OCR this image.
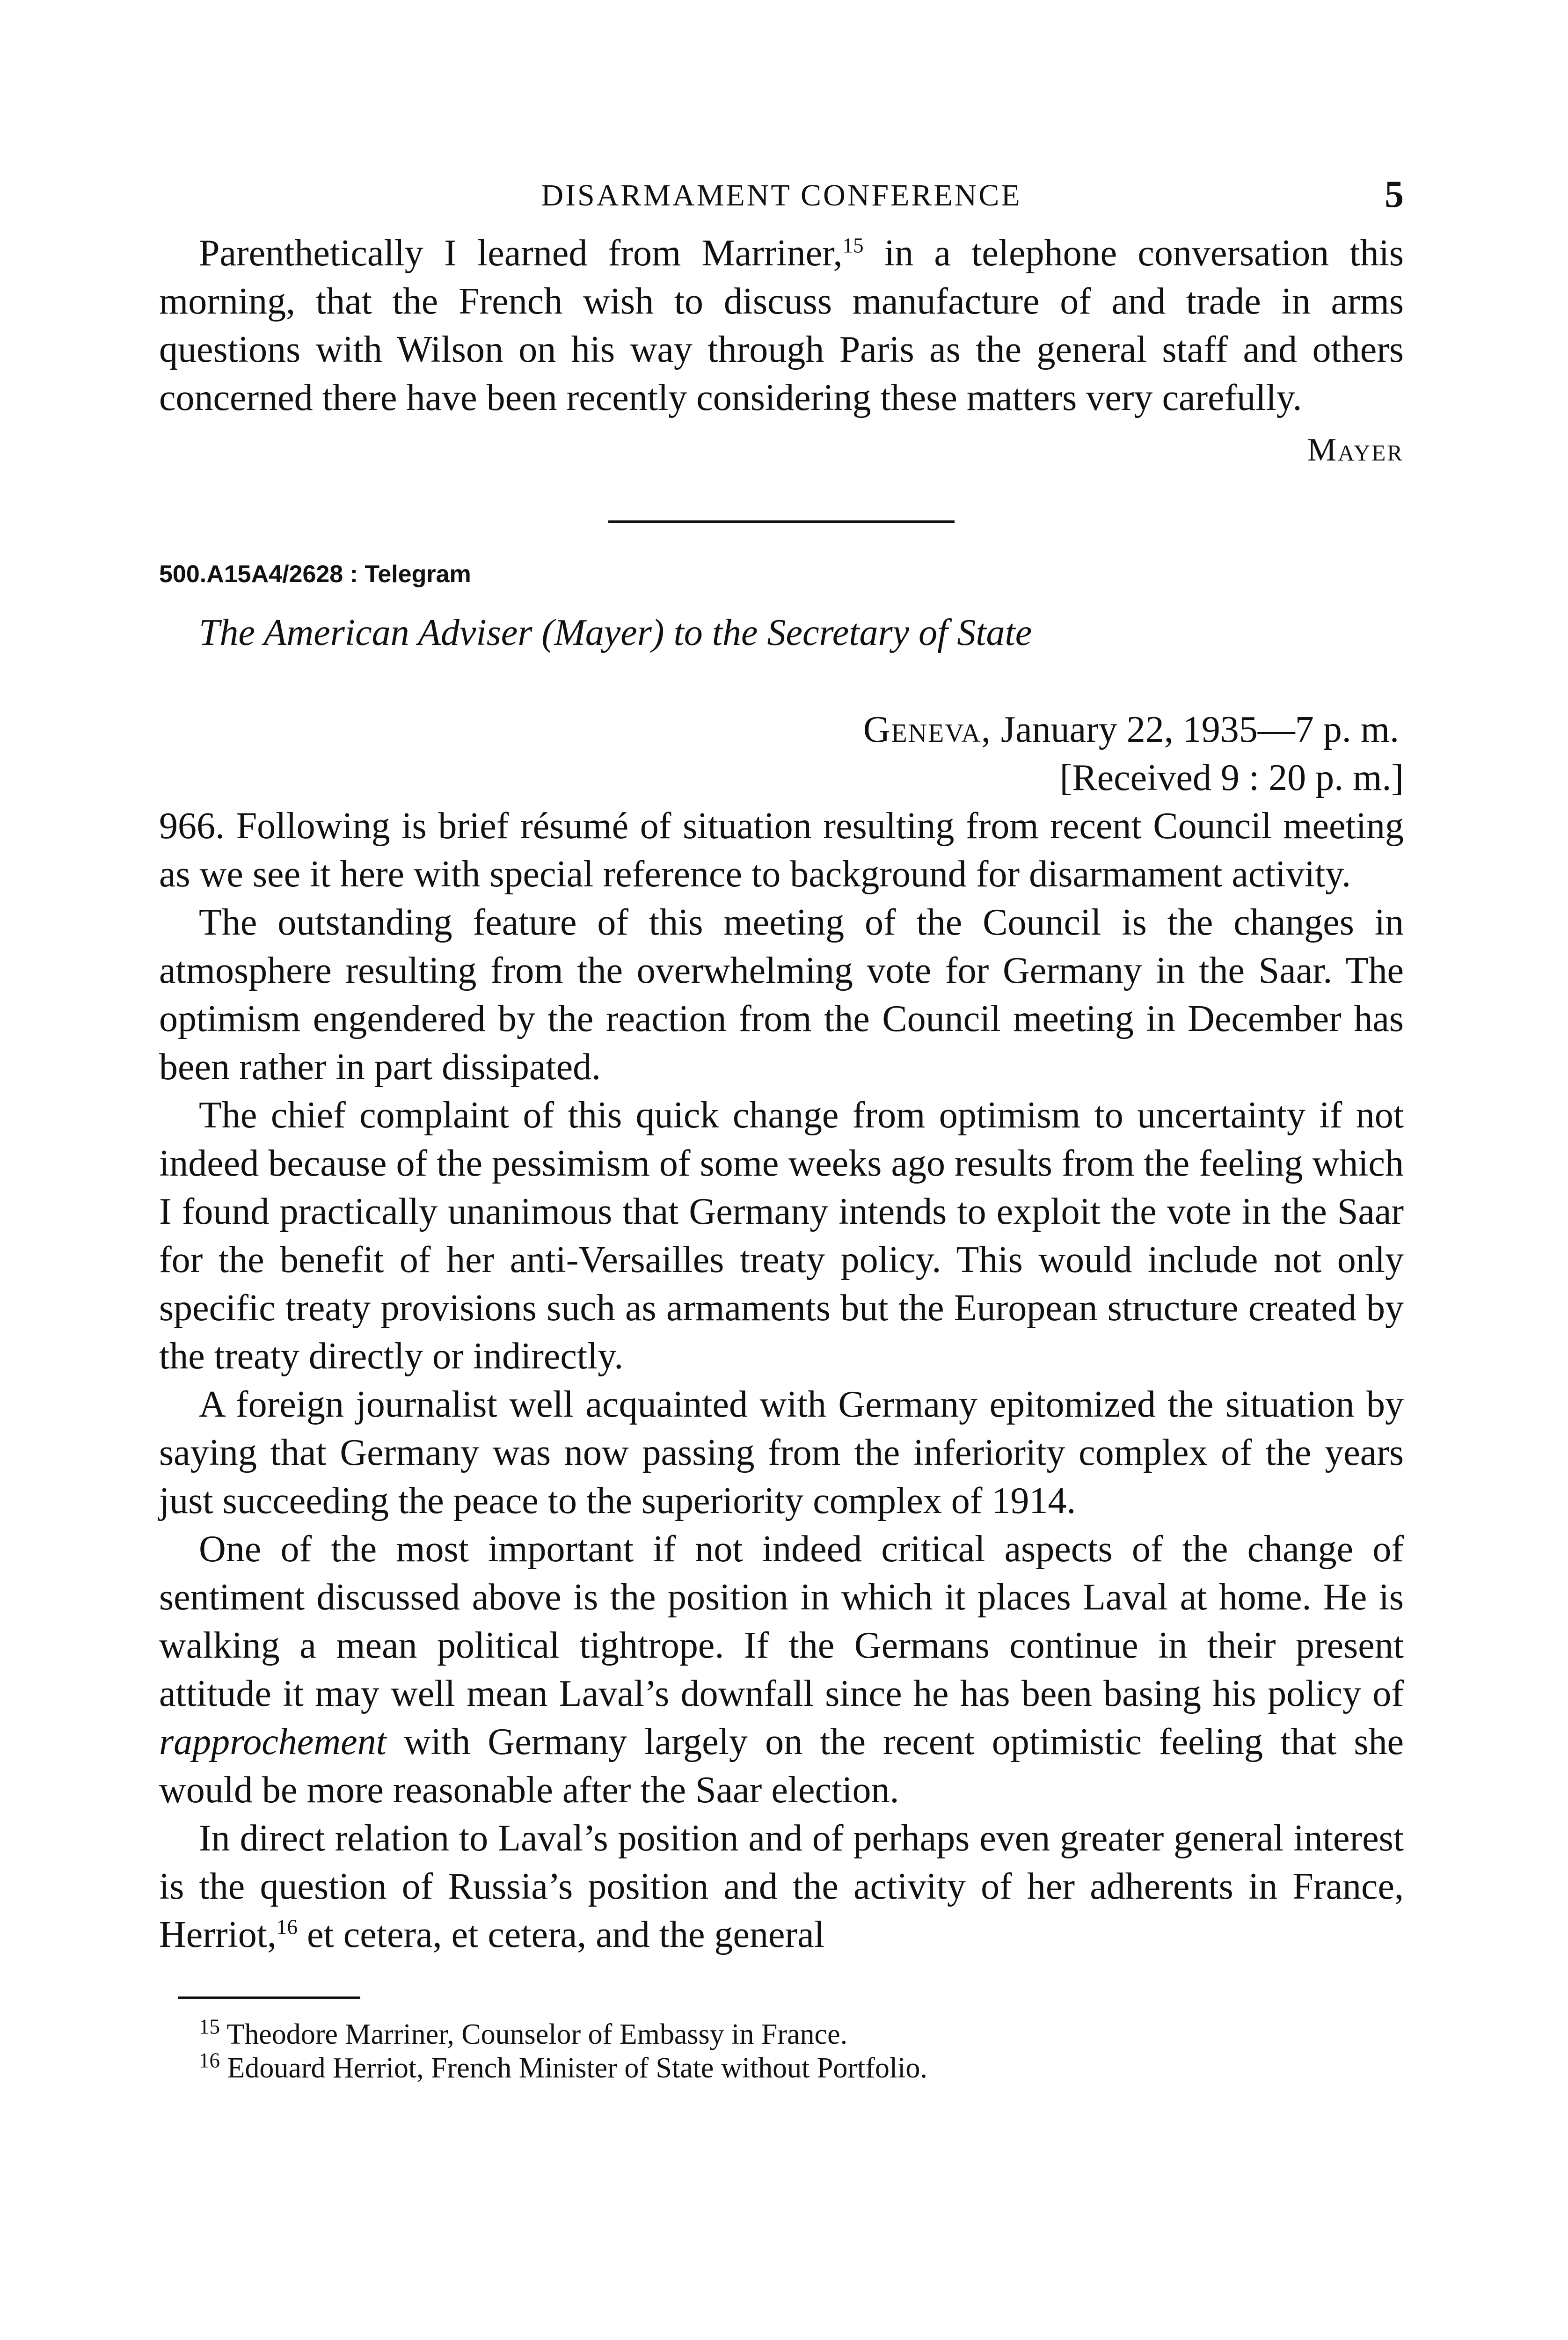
DISARMAMENT CONFERENCE	5

Parenthetically I learned from Marriner,$^{15}$ in a telephone conversation this morning, that the French wish to discuss manufacture of and trade in arms questions with Wilson on his way through Paris as the general staff and others concerned there have been recently considering these matters very carefully.

Mayer
500.A15A4/2628 : Telegram
The American Adviser (Mayer) to the Secretary of State
Geneva, January 22, 1935—7 p. m.
[Received 9 : 20 p. m.]

966. Following is brief résumé of situation resulting from recent Council meeting as we see it here with special reference to background for disarmament activity.

The outstanding feature of this meeting of the Council is the changes in atmosphere resulting from the overwhelming vote for Germany in the Saar. The optimism engendered by the reaction from the Council meeting in December has been rather in part dissipated.

The chief complaint of this quick change from optimism to uncertainty if not indeed because of the pessimism of some weeks ago results from the feeling which I found practically unanimous that Germany intends to exploit the vote in the Saar for the benefit of her anti-Versailles treaty policy. This would include not only specific treaty provisions such as armaments but the European structure created by the treaty directly or indirectly.

A foreign journalist well acquainted with Germany epitomized the situation by saying that Germany was now passing from the inferiority complex of the years just succeeding the peace to the superiority complex of 1914.

One of the most important if not indeed critical aspects of the change of sentiment discussed above is the position in which it places Laval at home. He is walking a mean political tightrope. If the Germans continue in their present attitude it may well mean Laval’s downfall since he has been basing his policy of rapprochement with Germany largely on the recent optimistic feeling that she would be more reasonable after the Saar election.

In direct relation to Laval’s position and of perhaps even greater general interest is the question of Russia’s position and the activity of her adherents in France, Herriot,$^{16}$ et cetera, et cetera, and the general

$^{15}$ Theodore Marriner, Counselor of Embassy in France.
$^{16}$ Edouard Herriot, French Minister of State without Portfolio.
